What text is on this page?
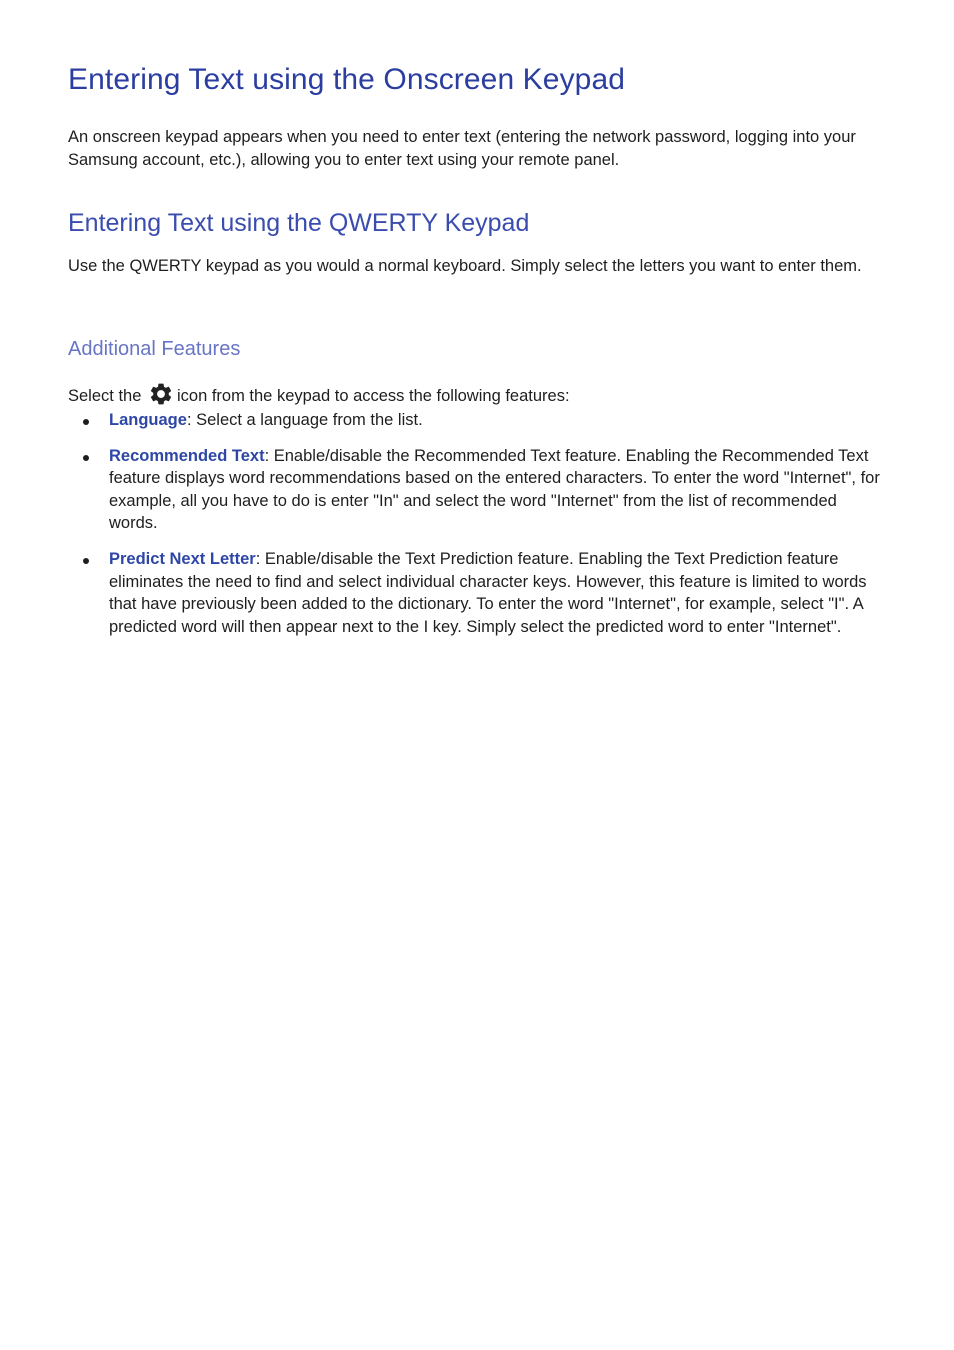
Entering Text using the Onscreen Keypad

An onscreen keypad appears when you need to enter text (entering the network password, logging into your Samsung account, etc.), allowing you to enter text using your remote panel.

Entering Text using the QWERTY Keypad

Use the QWERTY keypad as you would a normal keyboard. Simply select the letters you want to enter them.

Additional Features

Select the icon from the keypad to access the following features:

Language: Select a language from the list.
Recommended Text: Enable/disable the Recommended Text feature. Enabling the Recommended Text feature displays word recommendations based on the entered characters. To enter the word "Internet", for example, all you have to do is enter "In" and select the word "Internet" from the list of recommended words.
Predict Next Letter: Enable/disable the Text Prediction feature. Enabling the Text Prediction feature eliminates the need to find and select individual character keys. However, this feature is limited to words that have previously been added to the dictionary. To enter the word "Internet", for example, select "I". A predicted word will then appear next to the I key. Simply select the predicted word to enter "Internet".
